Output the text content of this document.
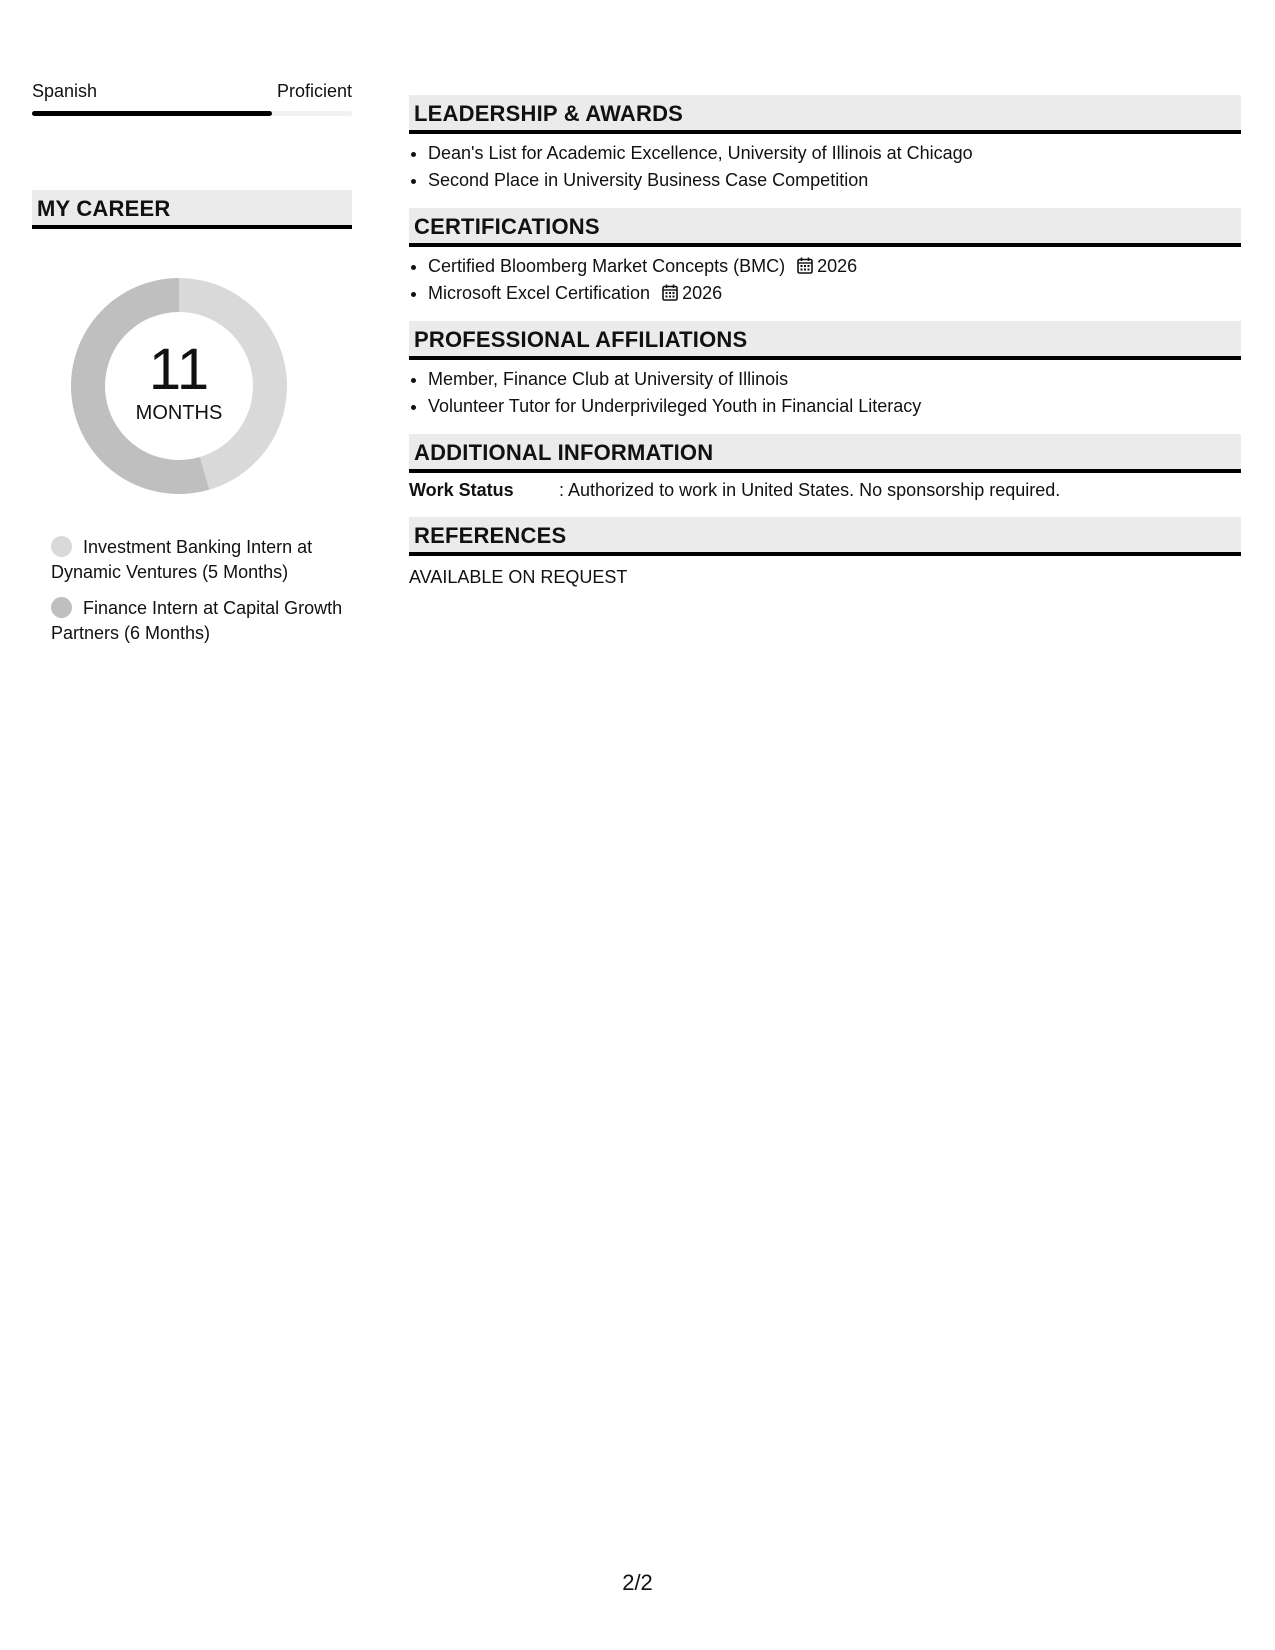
Spanish	Proficient
MY CAREER
11
MONTHS
Investment Banking Intern at Dynamic Ventures (5 Months)
Finance Intern at Capital Growth Partners (6 Months)
LEADERSHIP & AWARDS
• Dean's List for Academic Excellence, University of Illinois at Chicago
• Second Place in University Business Case Competition
CERTIFICATIONS
• Certified Bloomberg Market Concepts (BMC) 2026
• Microsoft Excel Certification 2026
PROFESSIONAL AFFILIATIONS
• Member, Finance Club at University of Illinois
• Volunteer Tutor for Underprivileged Youth in Financial Literacy
ADDITIONAL INFORMATION
Work Status	: Authorized to work in United States. No sponsorship required.
REFERENCES
AVAILABLE ON REQUEST
2/2
